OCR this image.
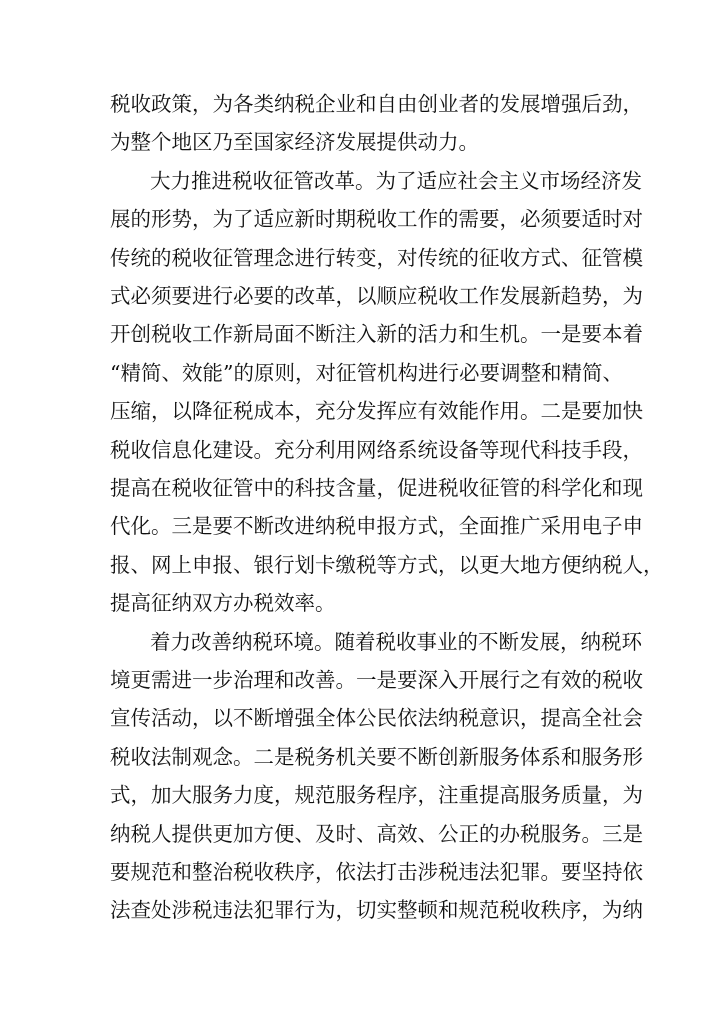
税收政策，为各类纳税企业和自由创业者的发展增强后劲，
为整个地区乃至国家经济发展提供动力。
大力推进税收征管改革。为了适应社会主义市场经济发
展的形势，为了适应新时期税收工作的需要，必须要适时对
传统的税收征管理念进行转变，对传统的征收方式、征管模
式必须要进行必要的改革，以顺应税收工作发展新趋势，为
开创税收工作新局面不断注入新的活力和生机。一是要本着
“精简、效能”的原则，对征管机构进行必要调整和精简、
压缩，以降征税成本，充分发挥应有效能作用。二是要加快
税收信息化建设。充分利用网络系统设备等现代科技手段，
提高在税收征管中的科技含量，促进税收征管的科学化和现
代化。三是要不断改进纳税申报方式，全面推广采用电子申
报、网上申报、银行划卡缴税等方式，以更大地方便纳税人，
提高征纳双方办税效率。
着力改善纳税环境。随着税收事业的不断发展，纳税环
境更需进一步治理和改善。一是要深入开展行之有效的税收
宣传活动，以不断增强全体公民依法纳税意识，提高全社会
税收法制观念。二是税务机关要不断创新服务体系和服务形
式，加大服务力度，规范服务程序，注重提高服务质量，为
纳税人提供更加方便、及时、高效、公正的办税服务。三是
要规范和整治税收秩序，依法打击涉税违法犯罪。要坚持依
法查处涉税违法犯罪行为，切实整顿和规范税收秩序，为纳
